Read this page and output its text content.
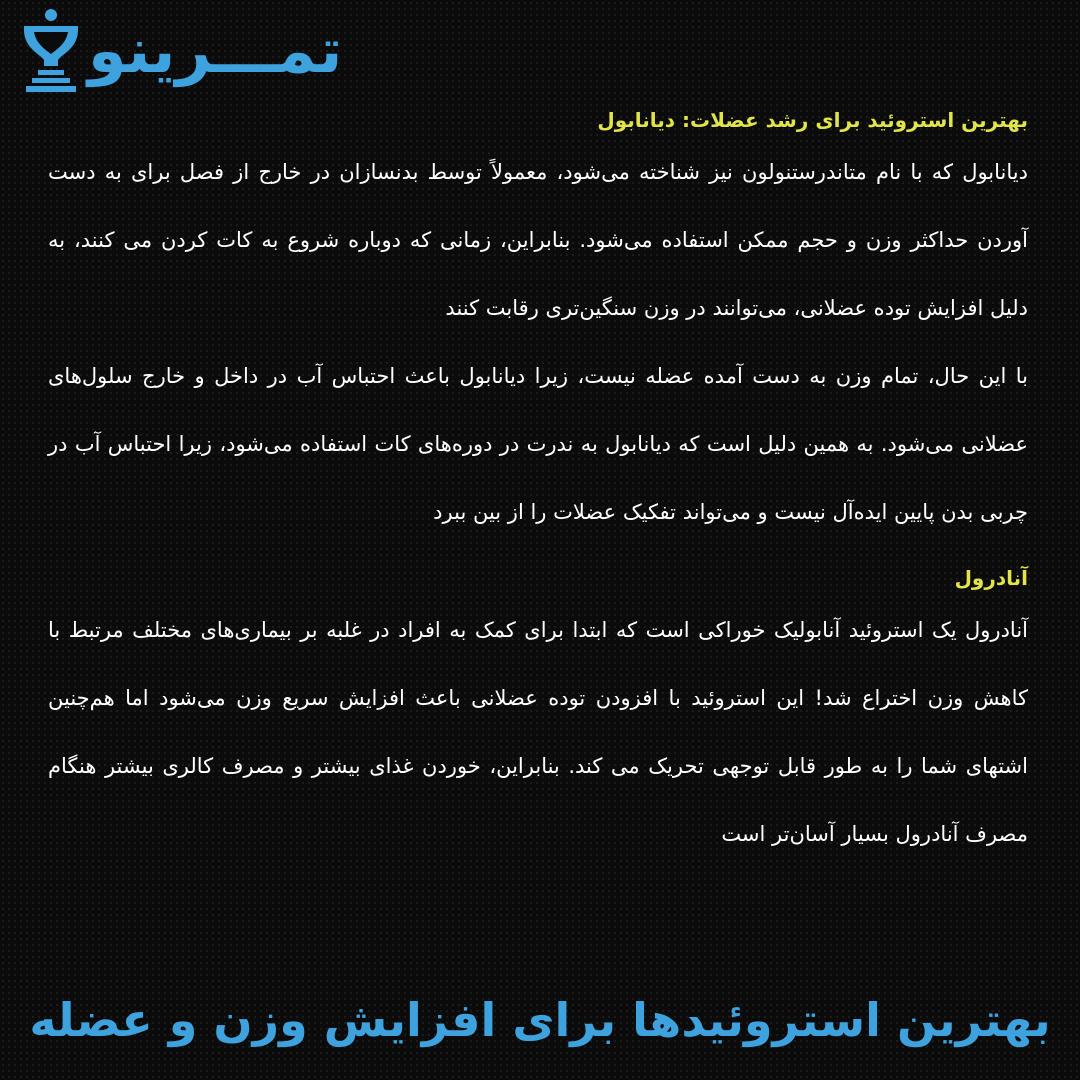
تمـــرینو

بهترین استروئید برای رشد عضلات: دیانابول

دیانابول که با نام متاندرستنولون نیز شناخته می‌شود، معمولاً توسط بدنسازان در خارج از فصل برای به دست آوردن حداکثر وزن و حجم ممکن استفاده می‌شود. بنابراین، زمانی که دوباره شروع به کات کردن می کنند، به دلیل افزایش توده عضلانی، می‌توانند در وزن سنگین‌تری رقابت کنند

با این حال، تمام وزن به دست آمده عضله نیست، زیرا دیانابول باعث احتباس آب در داخل و خارج سلول‌های عضلانی می‌شود. به همین دلیل است که دیانابول به ندرت در دوره‌های کات استفاده می‌شود، زیرا احتباس آب در چربی بدن پایین ایده‌آل نیست و می‌تواند تفکیک عضلات را از بین ببرد

آنادرول

آنادرول یک استروئید آنابولیک خوراکی است که ابتدا برای کمک به افراد در غلبه بر بیماری‌های مختلف مرتبط با کاهش وزن اختراع شد! این استروئید با افزودن توده عضلانی باعث افزایش سریع وزن می‌شود اما هم‌چنین اشتهای شما را به طور قابل توجهی تحریک می کند. بنابراین، خوردن غذای بیشتر و مصرف کالری بیشتر هنگام مصرف آنادرول بسیار آسان‌تر است

بهترین استروئیدها برای افزایش وزن و عضله
